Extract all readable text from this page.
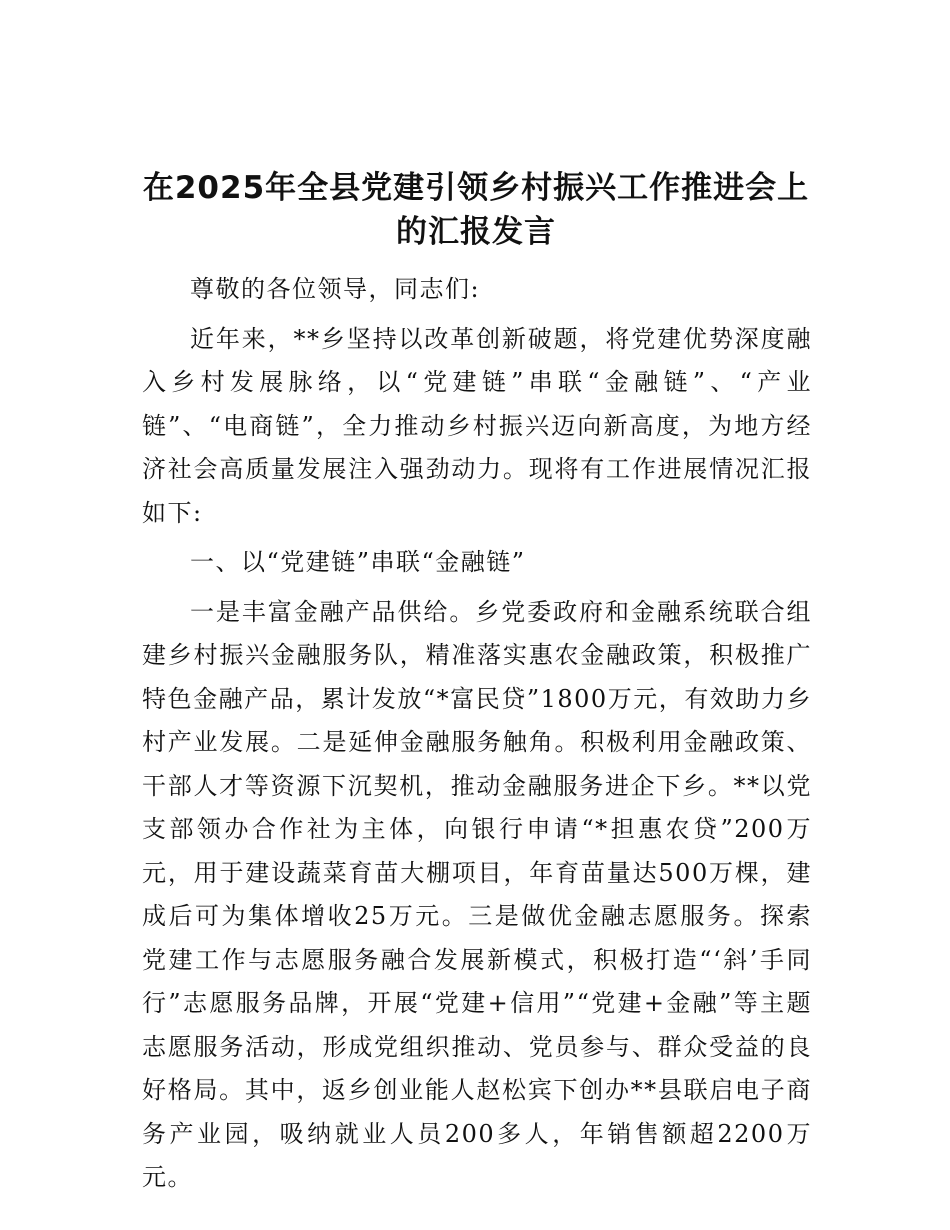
在2025年全县党建引领乡村振兴工作推进会上的汇报发言

尊敬的各位领导，同志们:

近年来，**乡坚持以改革创新破题，将党建优势深度融入乡村发展脉络，以“党建链”串联“金融链”、“产业链”、“电商链”，全力推动乡村振兴迈向新高度，为地方经济社会高质量发展注入强劲动力。现将有工作进展情况汇报如下:

一、以“党建链”串联“金融链”

一是丰富金融产品供给。乡党委政府和金融系统联合组建乡村振兴金融服务队，精准落实惠农金融政策，积极推广特色金融产品，累计发放“*富民贷”1800万元，有效助力乡村产业发展。二是延伸金融服务触角。积极利用金融政策、干部人才等资源下沉契机，推动金融服务进企下乡。**以党支部领办合作社为主体，向银行申请“*担惠农贷”200万元，用于建设蔬菜育苗大棚项目，年育苗量达500万棵，建成后可为集体增收25万元。三是做优金融志愿服务。探索党建工作与志愿服务融合发展新模式，积极打造“‘斜’手同行”志愿服务品牌，开展“党建+信用”“党建+金融”等主题志愿服务活动，形成党组织推动、党员参与、群众受益的良好格局。其中，返乡创业能人赵松宾下创办**县联启电子商务产业园，吸纳就业人员200多人，年销售额超2200万元。
